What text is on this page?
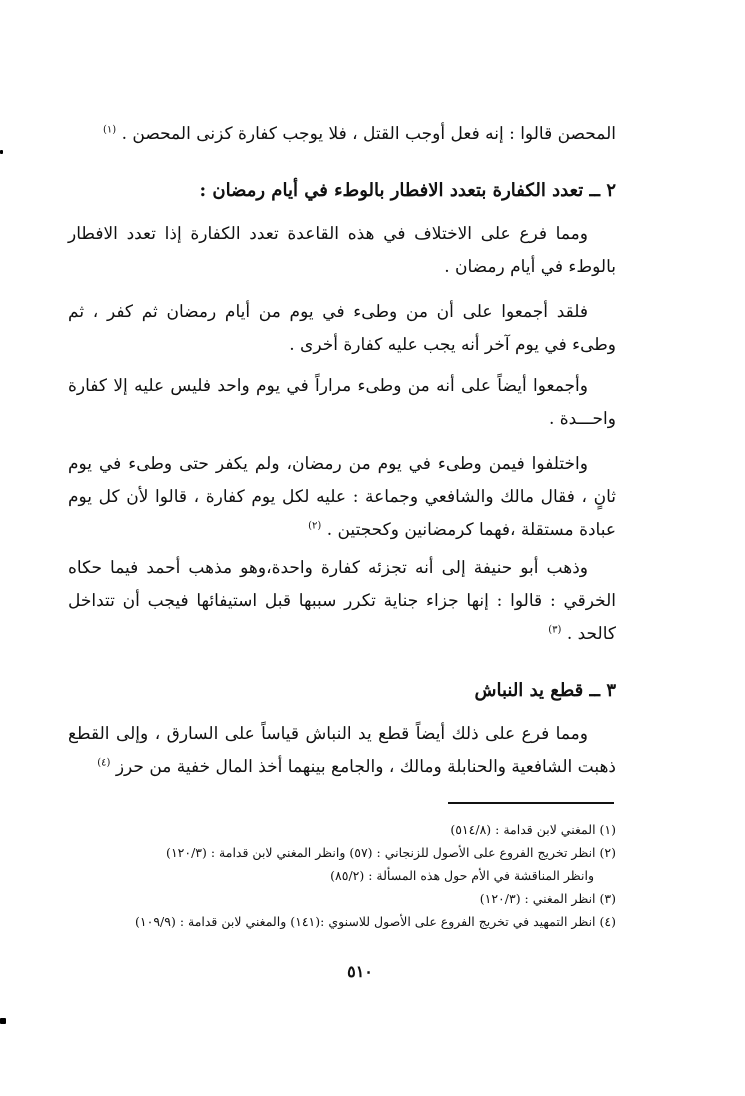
المحصن قالوا : إنه فعل أوجب القتل ، فلا يوجب كفارة كزنى المحصن . $^{(١)}$

٢ ــ تعدد الكفارة بتعدد الافطار بالوطء في أيام رمضان :

ومما فرع على الاختلاف في هذه القاعدة تعدد الكفارة إذا تعدد الافطار بالوطء في أيام رمضان .

فلقد أجمعوا على أن من وطىء في يوم من أيام رمضان ثم كفر ، ثم وطىء في يوم آخر أنه يجب عليه كفارة أخرى .

وأجمعوا أيضاً على أنه من وطىء مراراً في يوم واحد فليس عليه إلا كفارة واحـــدة .

واختلفوا فيمن وطىء في يوم من رمضان، ولم يكفر حتى وطىء في يوم ثانٍ ، فقال مالك والشافعي وجماعة : عليه لكل يوم كفارة ، قالوا لأن كل يوم عبادة مستقلة ،فهما كرمضانين وكحجتين . $^{(٢)}$

وذهب أبو حنيفة إلى أنه تجزئه كفارة واحدة،وهو مذهب أحمد فيما حكاه الخرقي : قالوا : إنها جزاء جناية تكرر سببها قبل استيفائها فيجب أن تتداخل كالحد . $^{(٣)}$

٣ ــ قطع يد النباش

ومما فرع على ذلك أيضاً قطع يد النباش قياساً على السارق ، وإلى القطع ذهبت الشافعية والحنابلة ومالك ، والجامع بينهما أخذ المال خفية من حرز $^{(٤)}$

(١) المغني لابن قدامة : (٥١٤/٨)
(٢) انظر تخريج الفروع على الأصول للزنجاني : (٥٧) وانظر المغني لابن قدامة : (١٢٠/٣)
وانظر المناقشة في الأم حول هذه المسألة : (٨٥/٢)
(٣) انظر المغني : (١٢٠/٣)
(٤) انظر التمهيد في تخريج الفروع على الأصول للاسنوي :(١٤١) والمغني لابن قدامة : (١٠٩/٩)
٥١٠
